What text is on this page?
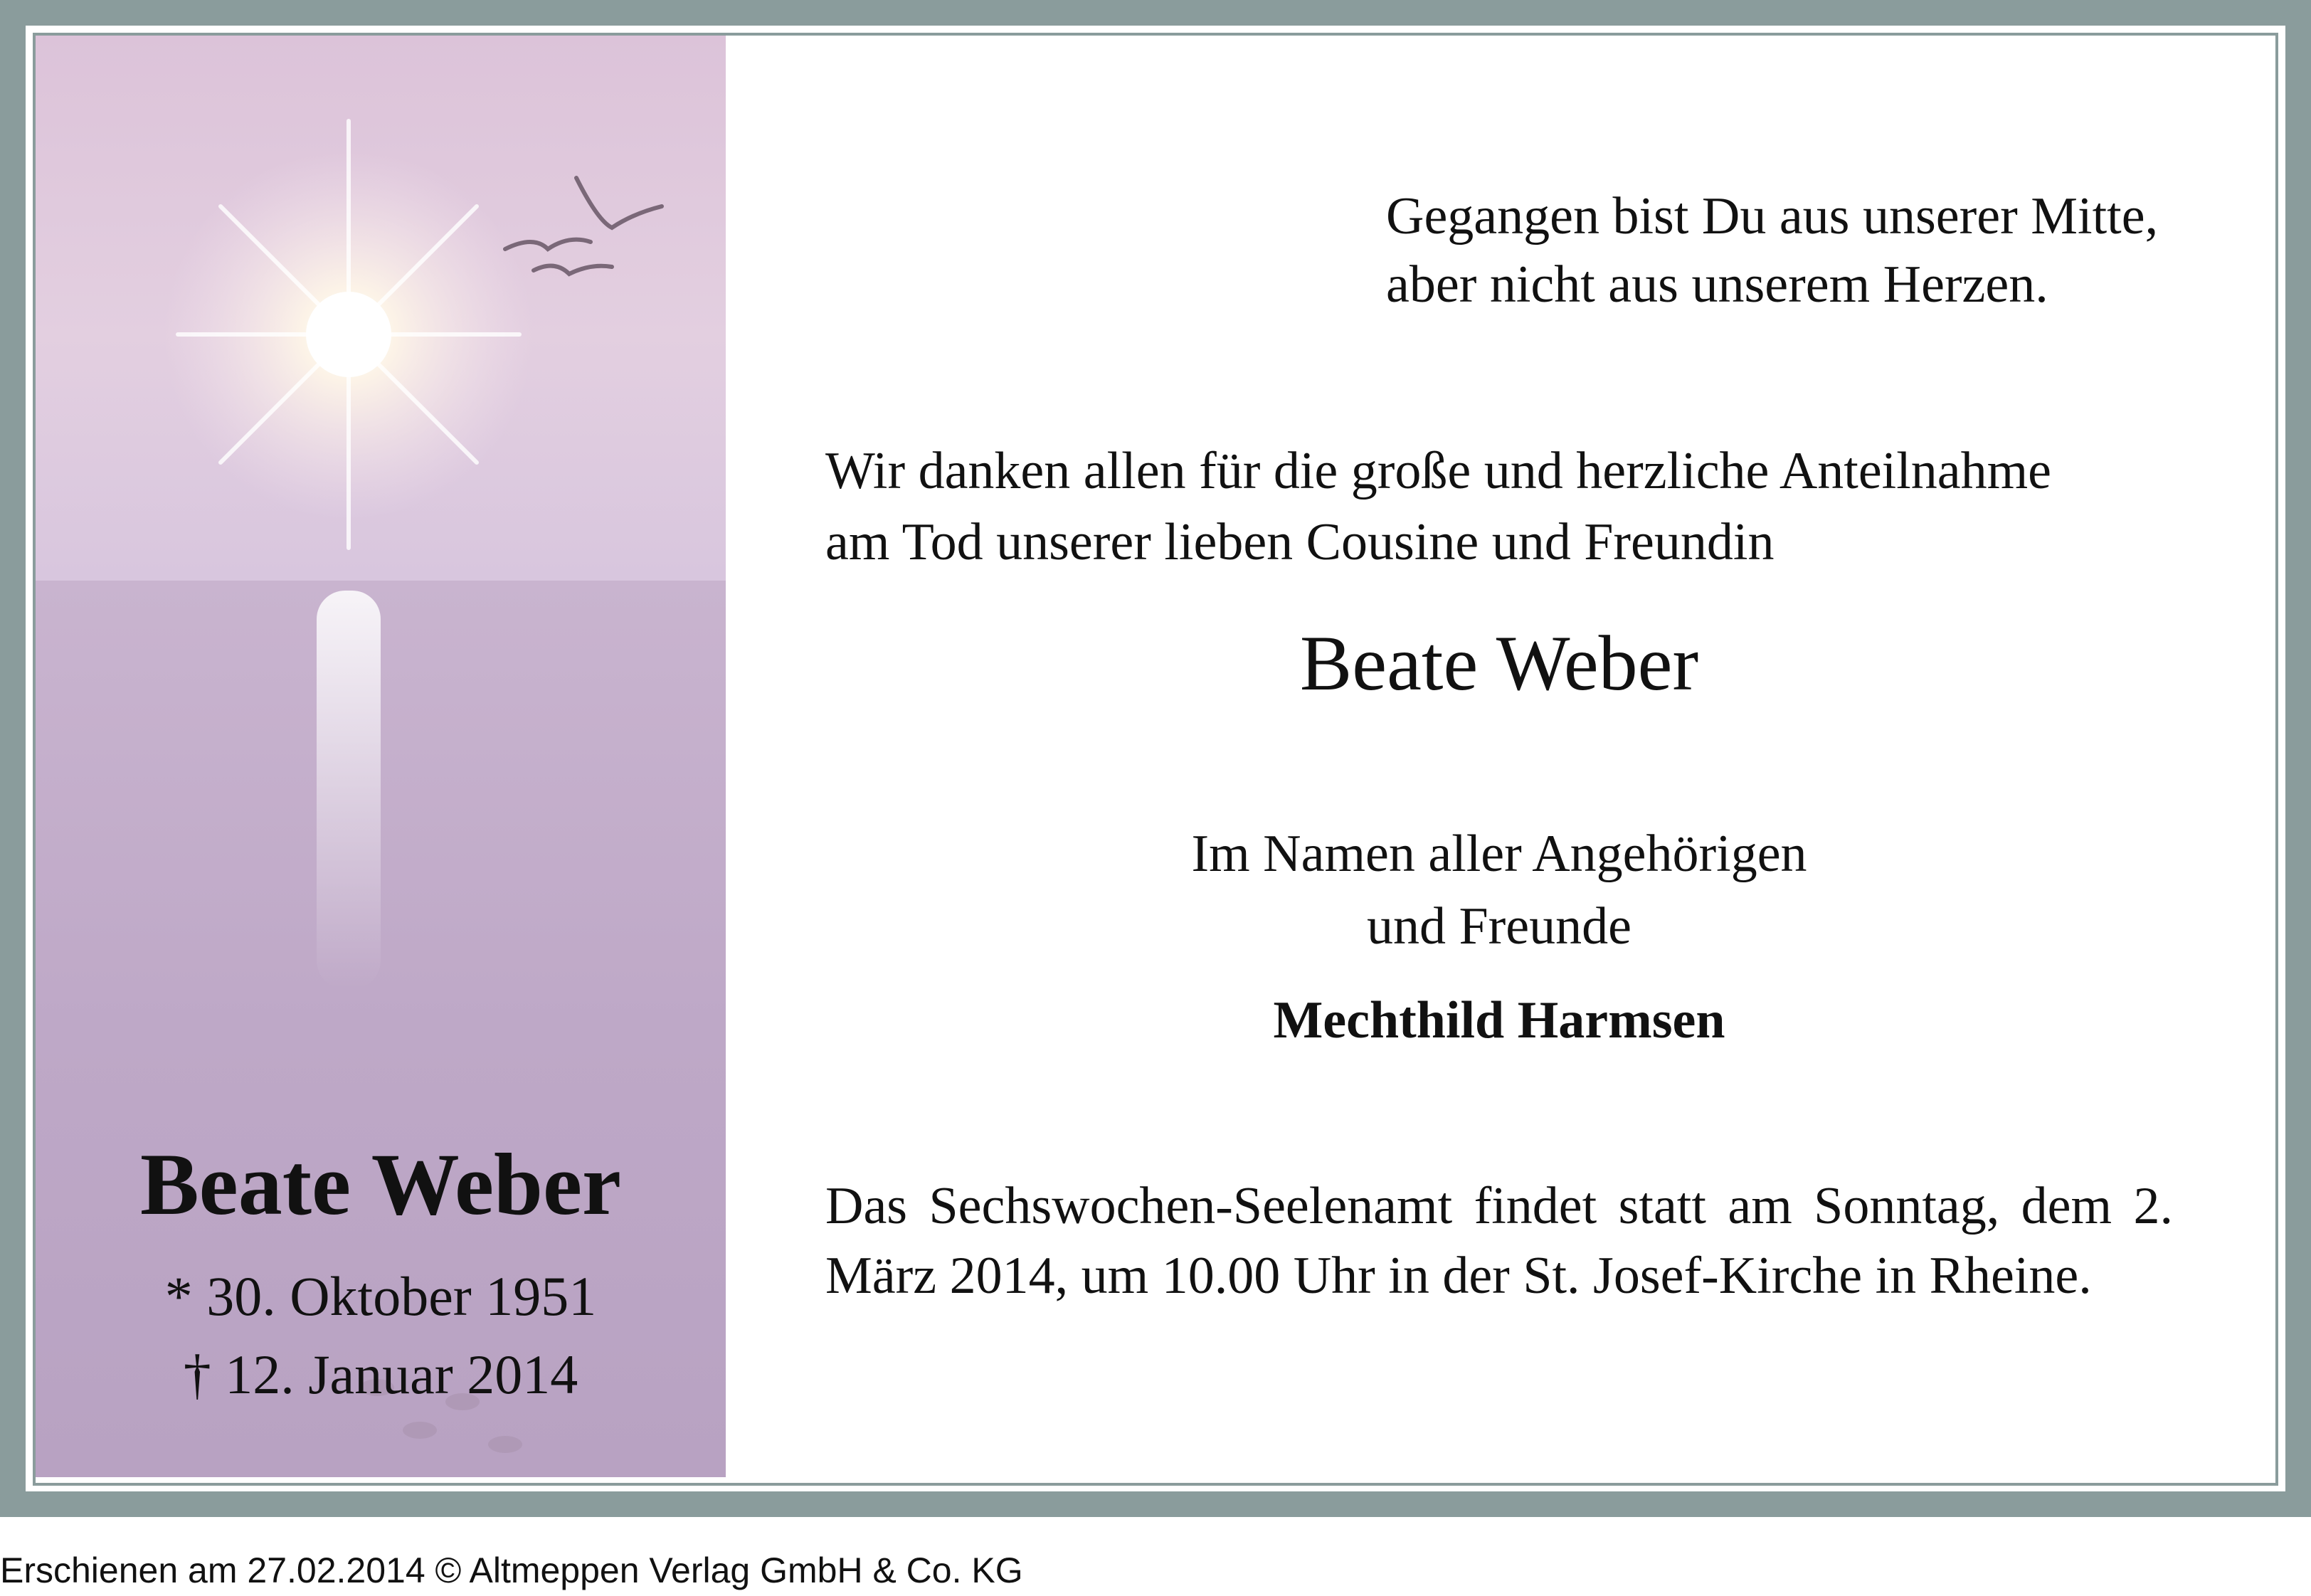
Beate Weber

* 30. Oktober 1951

† 12. Januar 2014

Gegangen bist Du aus unserer Mitte,

aber nicht aus unserem Herzen.

Wir danken allen für die große und herzliche Anteilnahme

am Tod unserer lieben Cousine und Freundin

Beate Weber

Im Namen aller Angehörigen

und Freunde

Mechthild Harmsen

Das Sechswochen-Seelenamt findet statt am Sonntag, dem 2. März 2014, um 10.00 Uhr in der St. Josef-Kirche in Rheine.

Erschienen am 27.02.2014 © Altmeppen Verlag GmbH & Co. KG
